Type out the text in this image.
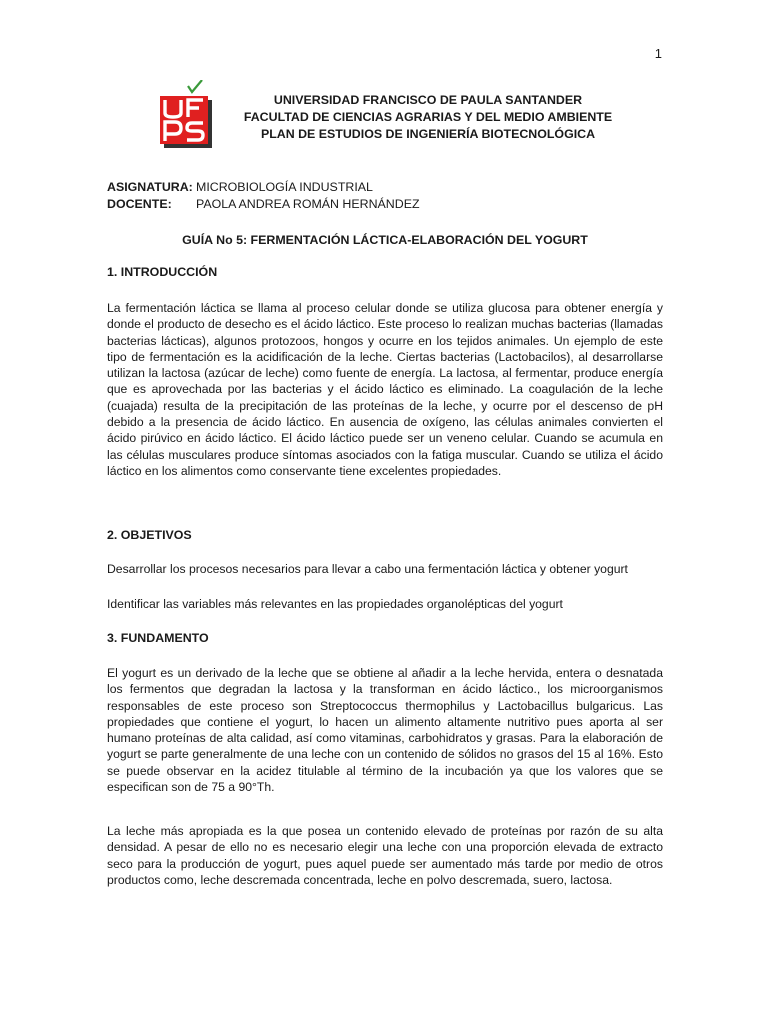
1
UNIVERSIDAD FRANCISCO DE PAULA SANTANDER
FACULTAD DE CIENCIAS AGRARIAS Y DEL MEDIO AMBIENTE
PLAN DE ESTUDIOS DE INGENIERÍA BIOTECNOLÓGICA
ASIGNATURA: MICROBIOLOGÍA INDUSTRIAL
DOCENTE:	PAOLA ANDREA ROMÁN HERNÁNDEZ
GUÍA No 5: FERMENTACIÓN LÁCTICA-ELABORACIÓN DEL YOGURT
1. INTRODUCCIÓN

La fermentación láctica se llama al proceso celular donde se utiliza glucosa para obtener energía y donde el producto de desecho es el ácido láctico. Este proceso lo realizan muchas bacterias (llamadas bacterias lácticas), algunos protozoos, hongos y ocurre en los tejidos animales. Un ejemplo de este tipo de fermentación es la acidificación de la leche. Ciertas bacterias (Lactobacilos), al desarrollarse utilizan la lactosa (azúcar de leche) como fuente de energía. La lactosa, al fermentar, produce energía que es aprovechada por las bacterias y el ácido láctico es eliminado. La coagulación de la leche (cuajada) resulta de la precipitación de las proteínas de la leche, y ocurre por el descenso de pH debido a la presencia de ácido láctico. En ausencia de oxígeno, las células animales convierten el ácido pirúvico en ácido láctico. El ácido láctico puede ser un veneno celular. Cuando se acumula en las células musculares produce síntomas asociados con la fatiga muscular. Cuando se utiliza el ácido láctico en los alimentos como conservante tiene excelentes propiedades.

2. OBJETIVOS

Desarrollar los procesos necesarios para llevar a cabo una fermentación láctica y obtener yogurt

Identificar las variables más relevantes en las propiedades organolépticas del yogurt

3. FUNDAMENTO

El yogurt es un derivado de la leche que se obtiene al añadir a la leche hervida, entera o desnatada los fermentos que degradan la lactosa y la transforman en ácido láctico., los microorganismos responsables de este proceso son Streptococcus thermophilus y Lactobacillus bulgaricus. Las propiedades que contiene el yogurt, lo hacen un alimento altamente nutritivo pues aporta al ser humano proteínas de alta calidad, así como vitaminas, carbohidratos y grasas. Para la elaboración de yogurt se parte generalmente de una leche con un contenido de sólidos no grasos del 15 al 16%. Esto se puede observar en la acidez titulable al término de la incubación ya que los valores que se especifican son de 75 a 90°Th.

La leche más apropiada es la que posea un contenido elevado de proteínas por razón de su alta densidad. A pesar de ello no es necesario elegir una leche con una proporción elevada de extracto seco para la producción de yogurt, pues aquel puede ser aumentado más tarde por medio de otros productos como, leche descremada concentrada, leche en polvo descremada, suero, lactosa.
